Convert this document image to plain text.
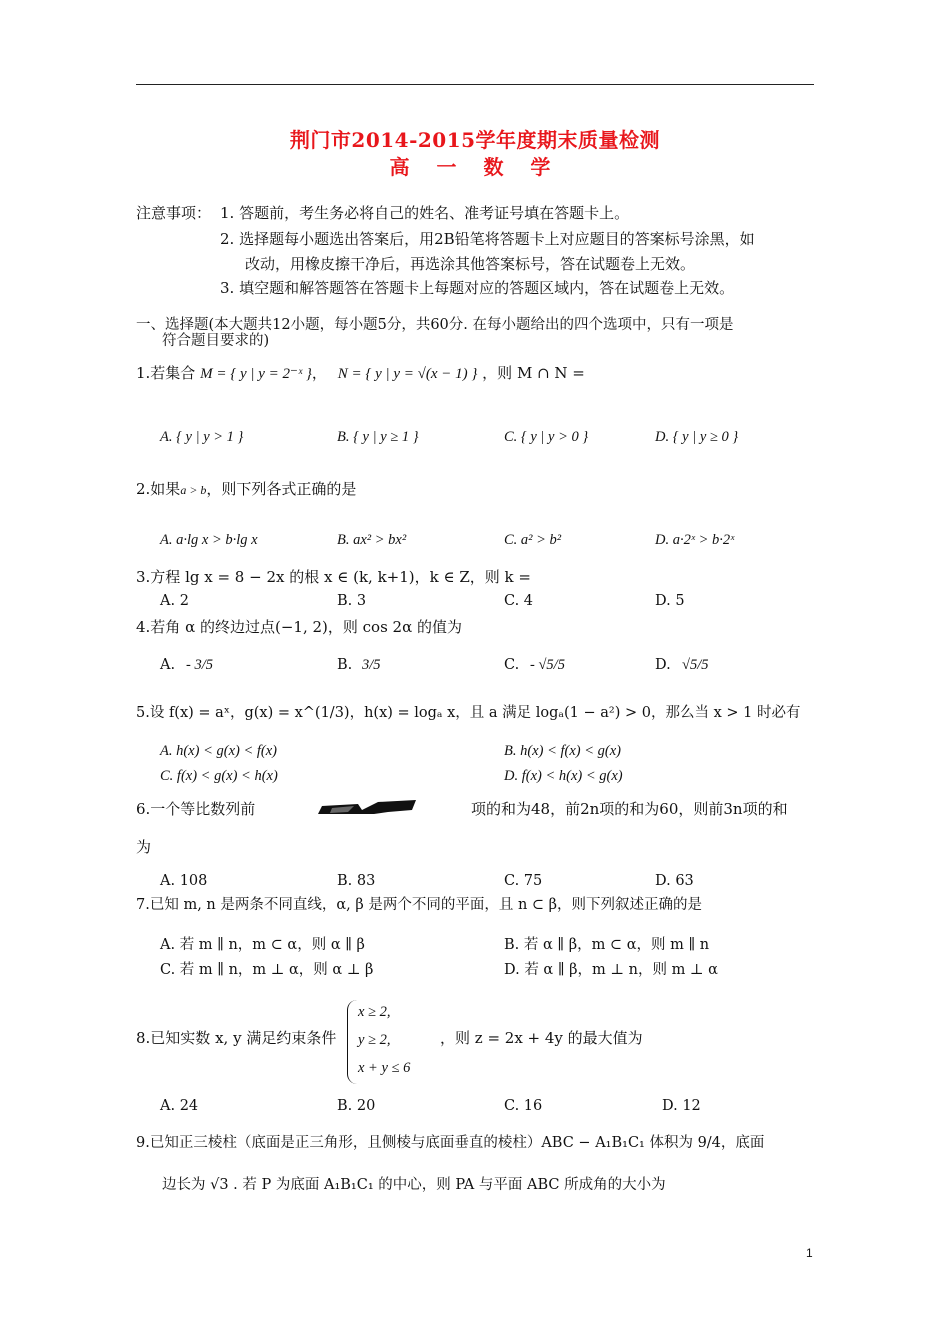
荆门市2014-2015学年度期末质量检测
高 一 数 学
注意事项： 1. 答题前，考生务必将自己的姓名、准考证号填在答题卡上。
2. 选择题每小题选出答案后，用2B铅笔将答题卡上对应题目的答案标号涂黑，如
改动，用橡皮擦干净后，再选涂其他答案标号，答在试题卷上无效。
3. 填空题和解答题答在答题卡上每题对应的答题区域内，答在试题卷上无效。
一、选择题(本大题共12小题，每小题5分，共60分. 在每小题给出的四个选项中，只有一项是
符合题目要求的)
1.若集合 M = { y | y = 2⁻ˣ }， N = { y | y = √(x − 1) } ，则 M ∩ N =
A. { y | y > 1 }	B. { y | y ≥ 1 }	C. { y | y > 0 }	D. { y | y ≥ 0 }
2.如果a > b，则下列各式正确的是
A. a·lg x > b·lg x	B. ax² > bx²	C. a² > b²	D. a·2ˣ > b·2ˣ
3.方程 lg x = 8 − 2x 的根 x ∈ (k, k+1)，k ∈ Z，则 k =
A. 2	B. 3	C. 4	D. 5
4.若角 α 的终边过点(−1, 2)，则 cos 2α 的值为
A. - 3/5	B. 3/5	C. - √5/5	D. √5/5
5.设 f(x) = aˣ，g(x) = x^(1/3)，h(x) = logₐ x，且 a 满足 logₐ(1 − a²) > 0，那么当 x > 1 时必有
A. h(x) < g(x) < f(x)	B. h(x) < f(x) < g(x)
C. f(x) < g(x) < h(x)	D. f(x) < h(x) < g(x)
6.一个等比数列前	项的和为48，前2n项的和为60，则前3n项的和
为
A. 108	B. 83	C. 75	D. 63
7.已知 m, n 是两条不同直线，α, β 是两个不同的平面，且 n ⊂ β，则下列叙述正确的是
A. 若 m ∥ n，m ⊂ α，则 α ∥ β	B. 若 α ∥ β，m ⊂ α，则 m ∥ n
C. 若 m ∥ n，m ⊥ α，则 α ⊥ β	D. 若 α ∥ β，m ⊥ n，则 m ⊥ α
8.已知实数 x, y 满足约束条件
x ≥ 2,
y ≥ 2,
x + y ≤ 6
，则 z = 2x + 4y 的最大值为
A. 24	B. 20	C. 16	D. 12
9.已知正三棱柱（底面是正三角形，且侧棱与底面垂直的棱柱）ABC − A₁B₁C₁ 体积为 9/4，底面
边长为 √3 . 若 P 为底面 A₁B₁C₁ 的中心，则 PA 与平面 ABC 所成角的大小为
1
